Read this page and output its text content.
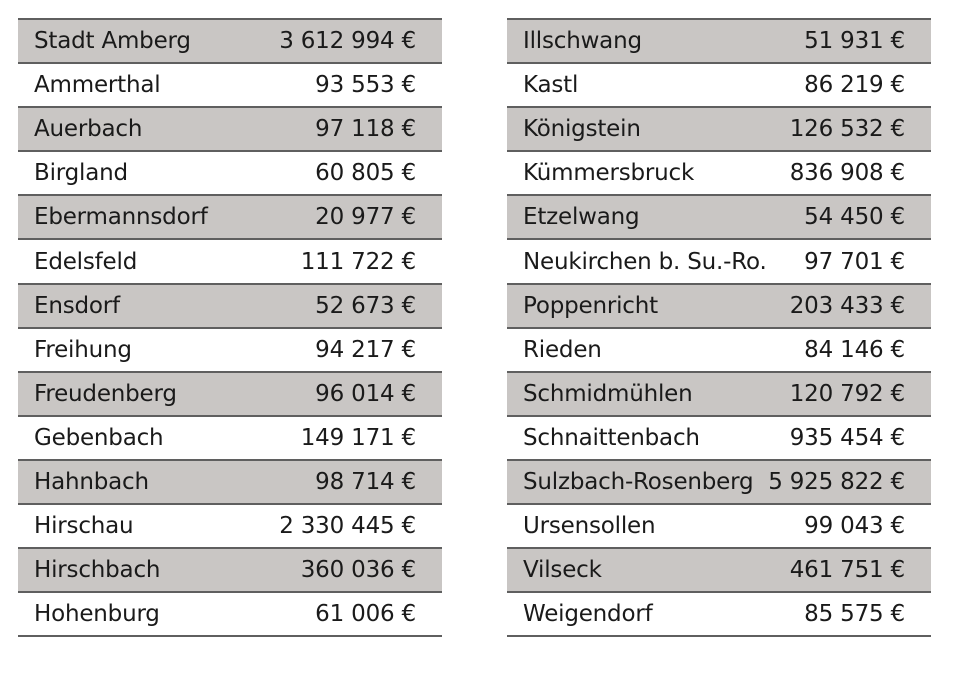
Stadt Amberg	3 612 994 €
Ammerthal	93 553 €
Auerbach	97 118 €
Birgland	60 805 €
Ebermannsdorf	20 977 €
Edelsfeld	111 722 €
Ensdorf	52 673 €
Freihung	94 217 €
Freudenberg	96 014 €
Gebenbach	149 171 €
Hahnbach	98 714 €
Hirschau	2 330 445 €
Hirschbach	360 036 €
Hohenburg	61 006 €
Illschwang	51 931 €
Kastl	86 219 €
Königstein	126 532 €
Kümmersbruck	836 908 €
Etzelwang	54 450 €
Neukirchen b. Su.-Ro.	97 701 €
Poppenricht	203 433 €
Rieden	84 146 €
Schmidmühlen	120 792 €
Schnaittenbach	935 454 €
Sulzbach-Rosenberg 5 925 822 €
Ursensollen	99 043 €
Vilseck	461 751 €
Weigendorf	85 575 €
